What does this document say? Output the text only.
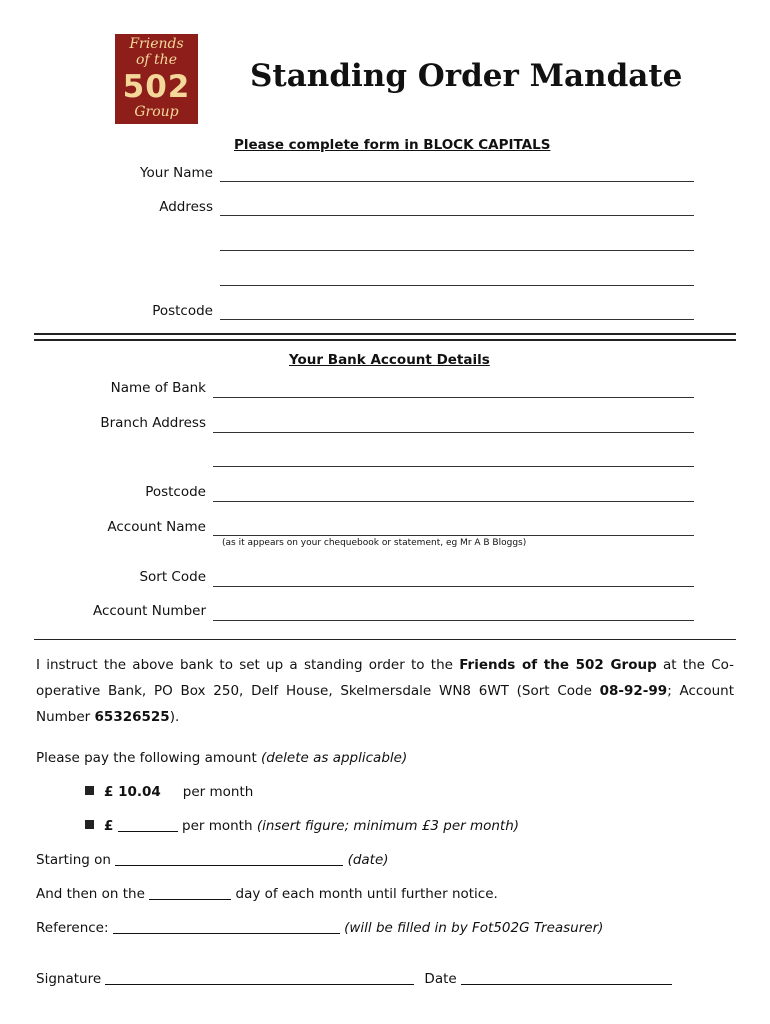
Friends
of the
502
Group
Standing Order Mandate
Please complete form in BLOCK CAPITALS
Your Name
Address
Postcode
Your Bank Account Details
Name of Bank
Branch Address
Postcode
Account Name
(as it appears on your chequebook or statement, eg Mr A B Bloggs)
Sort Code
Account Number
I instruct the above bank to set up a standing order to the Friends of the 502 Group at the Co-operative Bank, PO Box 250, Delf House, Skelmersdale WN8 6WT (Sort Code 08-92-99; Account Number 65326525).
Please pay the following amount (delete as applicable)
£ 10.04 per month
£	per month (insert figure; minimum £3 per month)
Starting on	(date)
And then on the	day of each month until further notice.
Reference:	(will be filled in by Fot502G Treasurer)
Signature	Date
